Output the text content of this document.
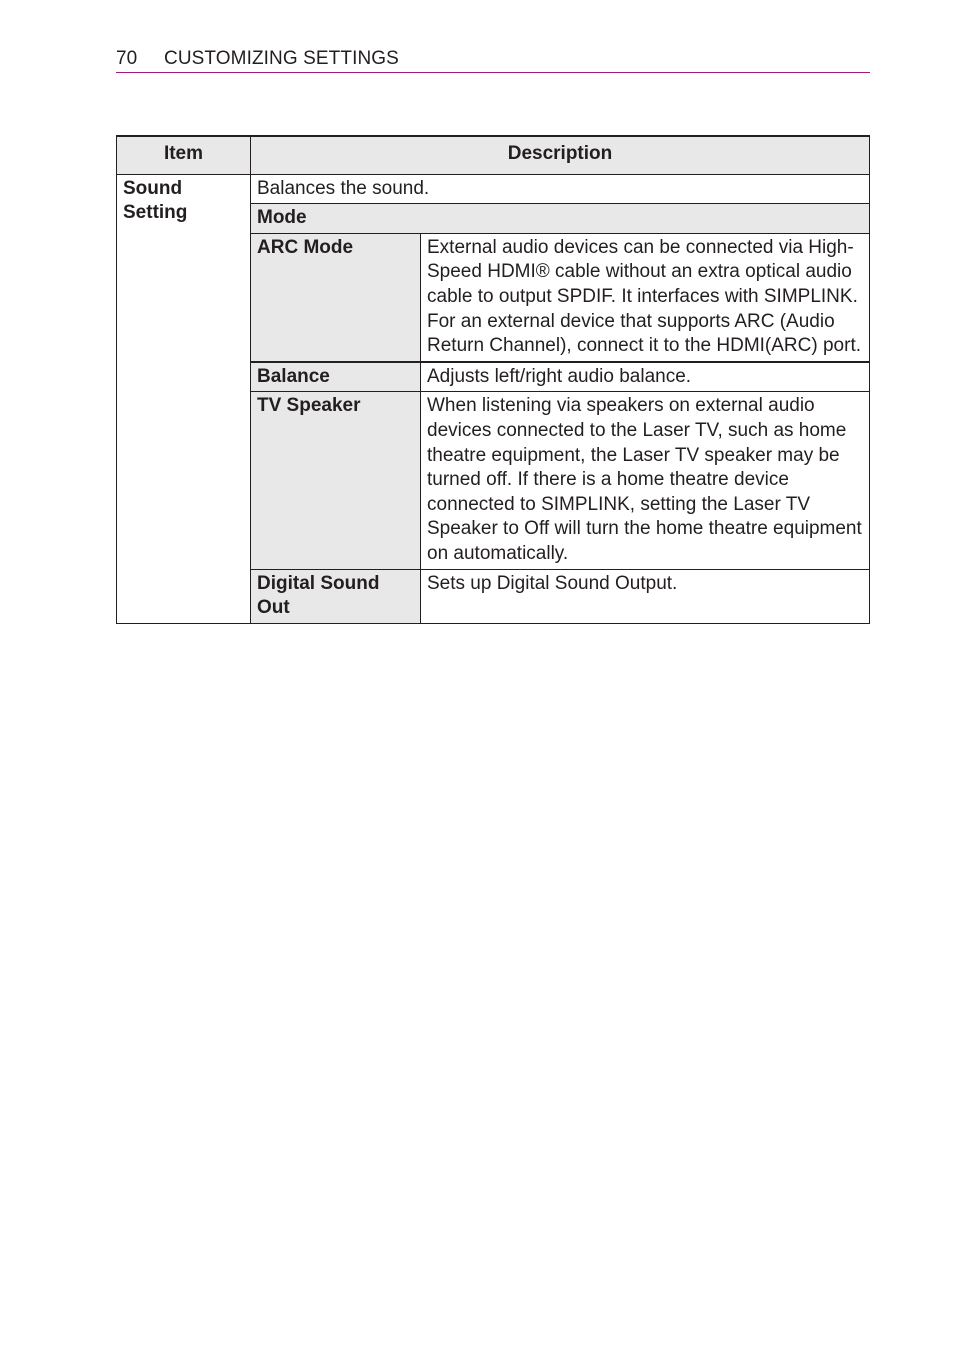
70 CUSTOMIZING SETTINGS
Item	Description	
Sound Setting	Balances the sound.	
	Mode	
	ARC Mode	External audio devices can be connected via High-Speed HDMI® cable without an extra optical audio cable to output SPDIF. It interfaces with SIMPLINK.
For an external device that supports ARC (Audio Return Channel), connect it to the HDMI(ARC) port.

	Balance	Adjusts left/right audio balance.

	TV Speaker	When listening via speakers on external audio devices connected to the Laser TV, such as home theatre equipment, the Laser TV speaker may be turned off. If there is a home theatre device connected to SIMPLINK, setting the Laser TV Speaker to Off will turn the home theatre equipment on automatically.

	Digital Sound Out	Sets up Digital Sound Output.
